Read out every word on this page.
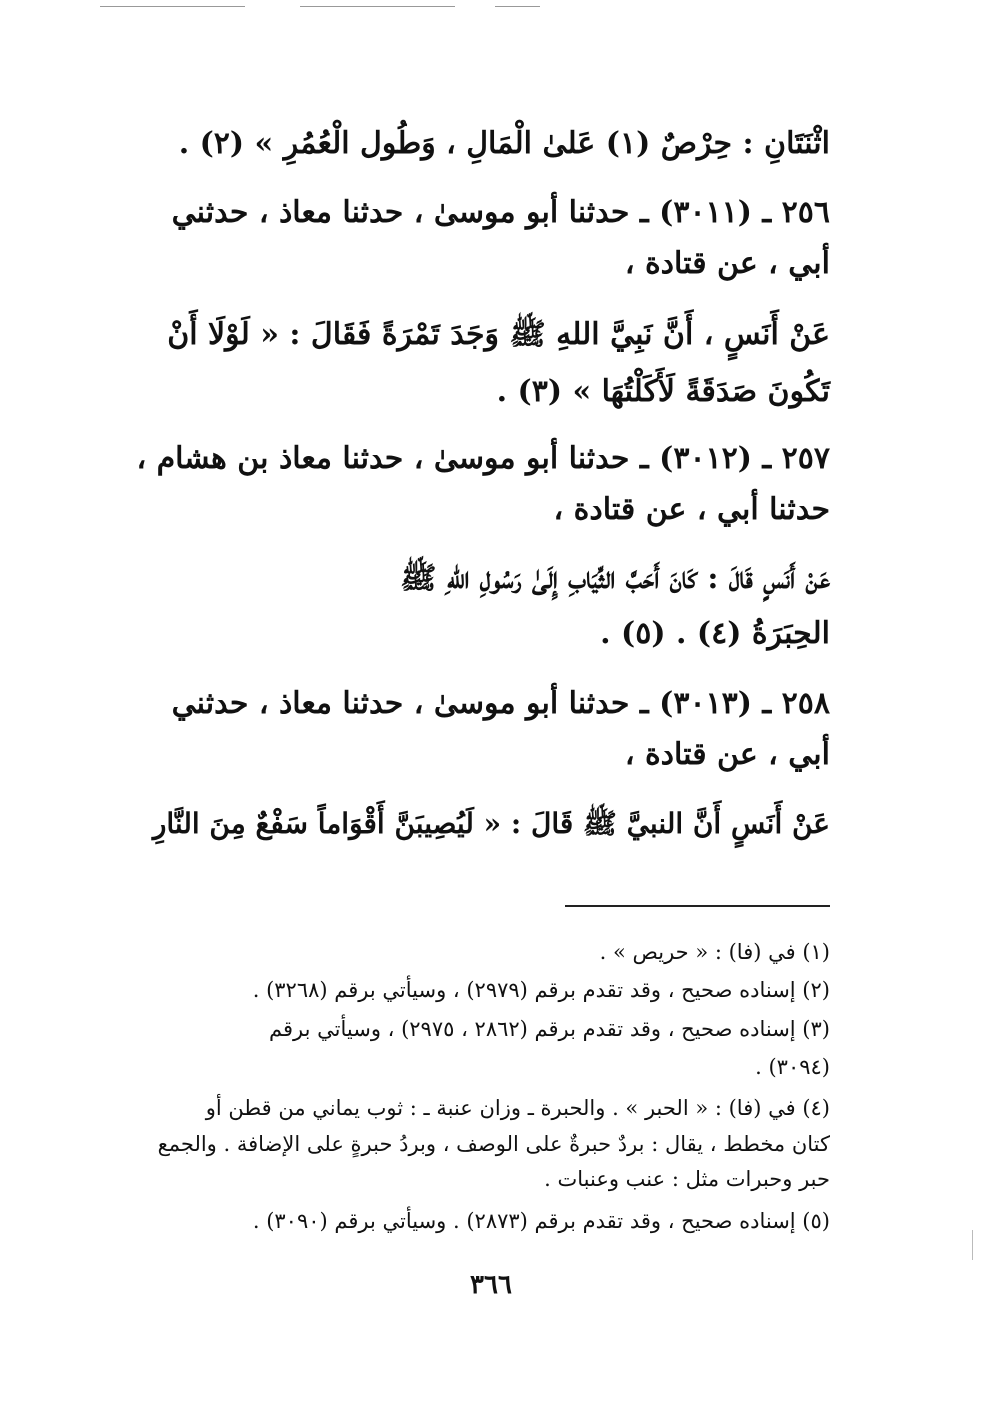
اثْنَتَانِ : حِرْصٌ (١) عَلىٰ الْمَالِ ، وَطُول الْعُمُرِ » (٢) .
٢٥٦ ـ (٣٠١١) ـ حدثنا أبو موسىٰ ، حدثنا معاذ ، حدثني
أبي ، عن قتادة ،
عَنْ أَنَسٍ ، أَنَّ نَبِيَّ اللهِ ﷺ وَجَدَ تَمْرَةً فَقَالَ : « لَوْلَا أَنْ
تَكُونَ صَدَقَةً لَأَكَلْتُهَا » (٣) .
٢٥٧ ـ (٣٠١٢) ـ حدثنا أبو موسىٰ ، حدثنا معاذ بن هشام ،
حدثنا أبي ، عن قتادة ،
عَنْ أَنَسٍ قَالَ : كَانَ أَحَبَّ الثِّيَابِ إِلَىٰ رَسُولِ اللهِ ﷺ
الحِبَرَةُ (٤) . (٥) .
٢٥٨ ـ (٣٠١٣) ـ حدثنا أبو موسىٰ ، حدثنا معاذ ، حدثني
أبي ، عن قتادة ،
عَنْ أَنَسٍ أَنَّ النبيَّ ﷺ قَالَ : « لَيُصِيبَنَّ أَقْوَاماً سَفْعٌ مِنَ النَّارِ
(١) في (فا) : « حريص » .
(٢) إسناده صحيح ، وقد تقدم برقم (٢٩٧٩) ، وسيأتي برقم (٣٢٦٨) .
(٣) إسناده صحيح ، وقد تقدم برقم (٢٨٦٢ ، ٢٩٧٥) ، وسيأتي برقم
(٣٠٩٤) .
(٤) في (فا) : « الحبر » . والحبرة ـ وزان عنبة ـ : ثوب يماني من قطن أو
كتان مخطط ، يقال : بردٌ حبرةٌ على الوصف ، وبردُ حبرةٍ على الإضافة . والجمع
حبر وحبرات مثل : عنب وعنبات .
(٥) إسناده صحيح ، وقد تقدم برقم (٢٨٧٣) . وسيأتي برقم (٣٠٩٠) .
٣٦٦
